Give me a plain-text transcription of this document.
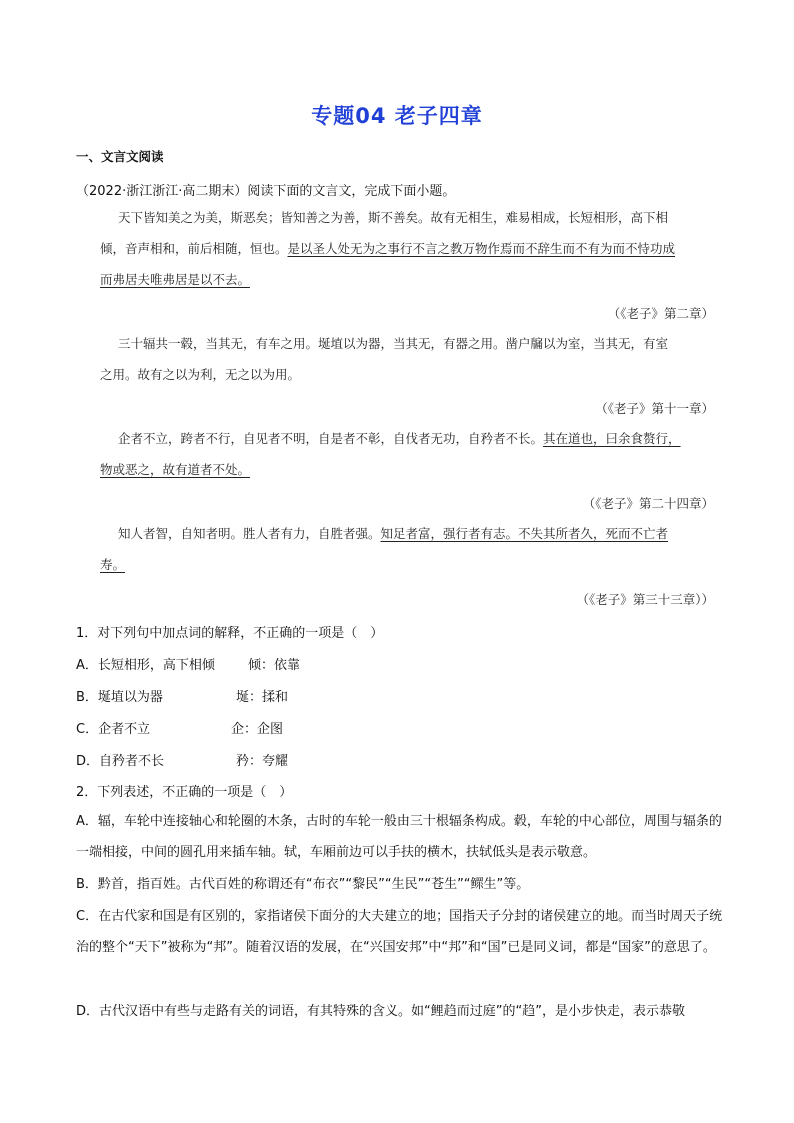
专题04 老子四章
一、文言文阅读
（2022·浙江浙江·高二期末）阅读下面的文言文，完成下面小题。

天下皆知美之为美，斯恶矣；皆知善之为善，斯不善矣。故有无相生，难易相成，长短相形，高下相

倾，音声相和，前后相随，恒也。是以圣人处无为之事行不言之教万物作焉而不辞生而不有为而不恃功成

而弗居夫唯弗居是以不去。

（《老子》第二章）

三十辐共一毂，当其无，有车之用。埏埴以为器，当其无，有器之用。凿户牖以为室，当其无，有室

之用。故有之以为利，无之以为用。

（《老子》第十一章）

企者不立，跨者不行，自见者不明，自是者不彰，自伐者无功，自矜者不长。其在道也，曰余食赘行，

物或恶之，故有道者不处。

（《老子》第二十四章）

知人者智，自知者明。胜人者有力，自胜者强。知足者富，强行者有志。不失其所者久，死而不亡者

寿。

（《老子》第三十三章））
1．对下列句中加点词的解释，不正确的一项是（　）
A．长短相形，高下相倾	倾：依靠
B．埏埴以为器	埏：揉和
C．企者不立	企：企图
D．自矜者不长	矜：夸耀
2．下列表述，不正确的一项是（　）
A．辐，车轮中连接轴心和轮圈的木条，古时的车轮一般由三十根辐条构成。毂，车轮的中心部位，周围与辐条的一端相接，中间的圆孔用来插车轴。轼，车厢前边可以手扶的横木，扶轼低头是表示敬意。
B．黔首，指百姓。古代百姓的称谓还有“布衣”“黎民”“生民”“苍生”“鳏生”等。
C．在古代家和国是有区别的，家指诸侯下面分的大夫建立的地；国指天子分封的诸侯建立的地。而当时周天子统治的整个“天下”被称为“邦”。随着汉语的发展，在“兴国安邦”中“邦”和“国”已是同义词，都是“国家”的意思了。
D．古代汉语中有些与走路有关的词语，有其特殊的含义。如“鲤趋而过庭”的“趋”，是小步快走，表示恭敬
